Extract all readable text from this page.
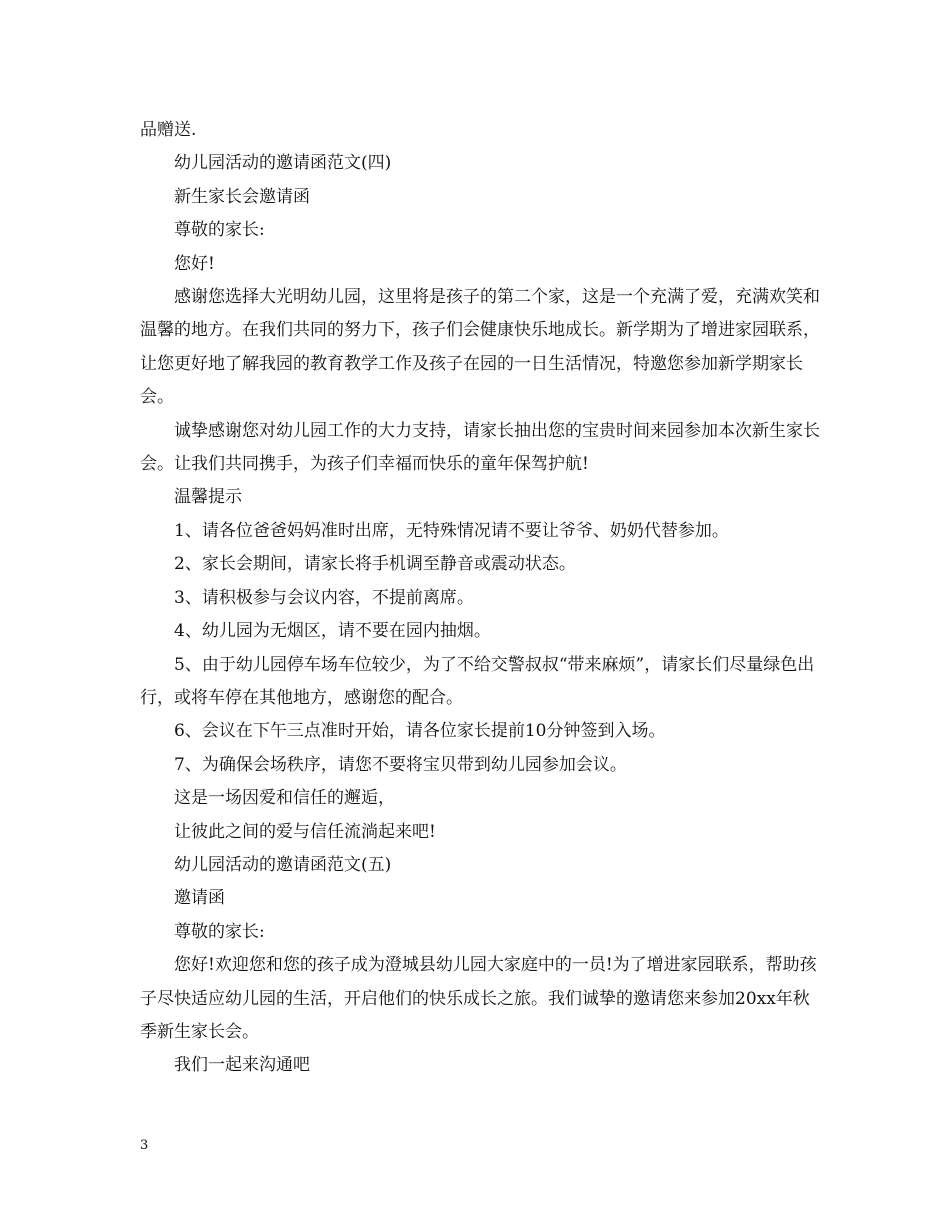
品赠送.

幼儿园活动的邀请函范文(四)

新生家长会邀请函

尊敬的家长:

您好!

感谢您选择大光明幼儿园，这里将是孩子的第二个家，这是一个充满了爱，充满欢笑和温馨的地方。在我们共同的努力下，孩子们会健康快乐地成长。新学期为了增进家园联系，让您更好地了解我园的教育教学工作及孩子在园的一日生活情况，特邀您参加新学期家长会。

诚挚感谢您对幼儿园工作的大力支持，请家长抽出您的宝贵时间来园参加本次新生家长会。让我们共同携手，为孩子们幸福而快乐的童年保驾护航!

温馨提示

1、请各位爸爸妈妈准时出席，无特殊情况请不要让爷爷、奶奶代替参加。

2、家长会期间，请家长将手机调至静音或震动状态。

3、请积极参与会议内容，不提前离席。

4、幼儿园为无烟区，请不要在园内抽烟。

5、由于幼儿园停车场车位较少，为了不给交警叔叔“带来麻烦”，请家长们尽量绿色出行，或将车停在其他地方，感谢您的配合。

6、会议在下午三点准时开始，请各位家长提前10分钟签到入场。

7、为确保会场秩序，请您不要将宝贝带到幼儿园参加会议。

这是一场因爱和信任的邂逅，

让彼此之间的爱与信任流淌起来吧!

幼儿园活动的邀请函范文(五)

邀请函

尊敬的家长:

您好!欢迎您和您的孩子成为澄城县幼儿园大家庭中的一员!为了增进家园联系，帮助孩子尽快适应幼儿园的生活，开启他们的快乐成长之旅。我们诚挚的邀请您来参加20xx年秋季新生家长会。

我们一起来沟通吧

3
